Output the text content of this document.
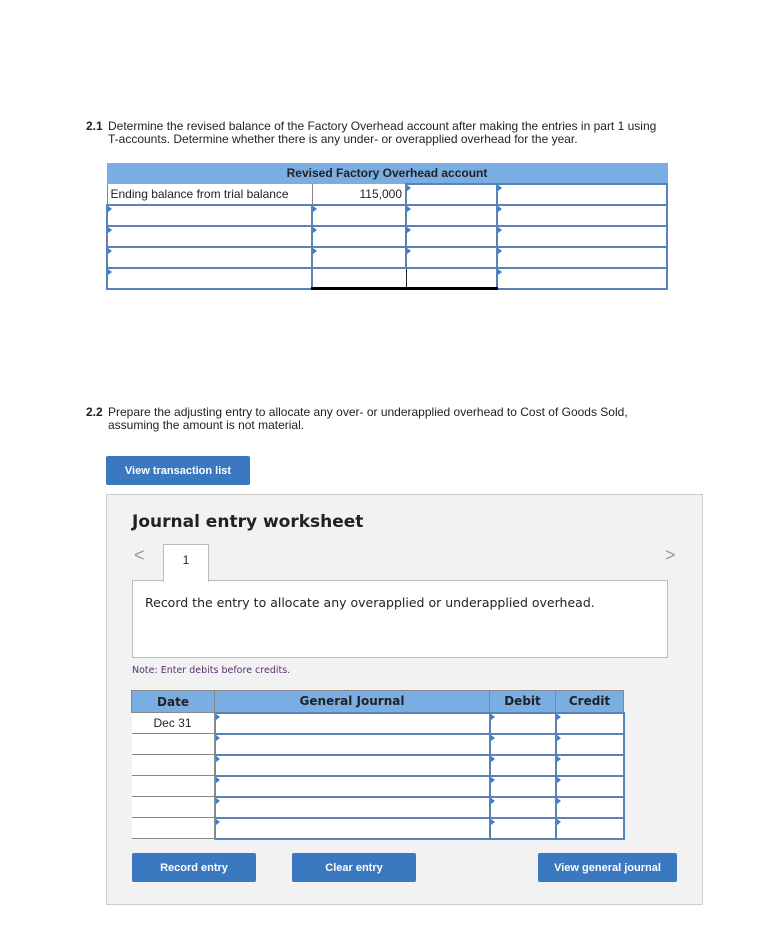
2.1 Determine the revised balance of the Factory Overhead account after making the entries in part 1 using T-accounts. Determine whether there is any under- or overapplied overhead for the year.
Revised Factory Overhead account			
Ending balance from trial balance	115,000		

2.2 Prepare the adjusting entry to allocate any over- or underapplied overhead to Cost of Goods Sold, assuming the amount is not material.
View transaction list
Journal entry worksheet
<	>
1
Record the entry to allocate any overapplied or underapplied overhead.
Note: Enter debits before credits.
Date	General Journal	Debit	Credit
Dec 31			

Record entry	Clear entry	View general journal
